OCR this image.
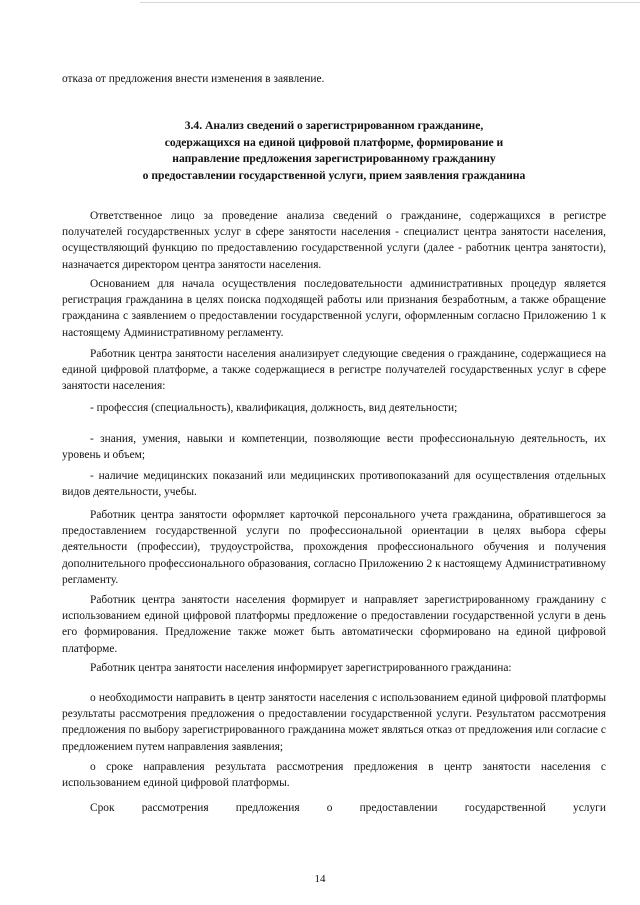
отказа от предложения внести изменения в заявление.
3.4. Анализ сведений о зарегистрированном гражданине,
содержащихся на единой цифровой платформе, формирование и
направление предложения зарегистрированному гражданину
о предоставлении государственной услуги, прием заявления гражданина
Ответственное лицо за проведение анализа сведений о гражданине, содержащихся в регистре получателей государственных услуг в сфере занятости населения - специалист центра занятости населения, осуществляющий функцию по предоставлению государственной услуги (далее - работник центра занятости), назначается директором центра занятости населения.
Основанием для начала осуществления последовательности административных процедур является регистрация гражданина в целях поиска подходящей работы или признания безработным, а также обращение гражданина с заявлением о предоставлении государственной услуги, оформленным согласно Приложению 1 к настоящему Административному регламенту.
Работник центра занятости населения анализирует следующие сведения о гражданине, содержащиеся на единой цифровой платформе, а также содержащиеся в регистре получателей государственных услуг в сфере занятости населения:
- профессия (специальность), квалификация, должность, вид деятельности;
- знания, умения, навыки и компетенции, позволяющие вести профессиональную деятельность, их уровень и объем;
- наличие медицинских показаний или медицинских противопоказаний для осуществления отдельных видов деятельности, учебы.
Работник центра занятости оформляет карточкой персонального учета гражданина, обратившегося за предоставлением государственной услуги по профессиональной ориентации в целях выбора сферы деятельности (профессии), трудоустройства, прохождения профессионального обучения и получения дополнительного профессионального образования, согласно Приложению 2 к настоящему Административному регламенту.
Работник центра занятости населения формирует и направляет зарегистрированному гражданину с использованием единой цифровой платформы предложение о предоставлении государственной услуги в день его формирования. Предложение также может быть автоматически сформировано на единой цифровой платформе.
Работник центра занятости населения информирует зарегистрированного гражданина:
о необходимости направить в центр занятости населения с использованием единой цифровой платформы результаты рассмотрения предложения о предоставлении государственной услуги. Результатом рассмотрения предложения по выбору зарегистрированного гражданина может являться отказ от предложения или согласие с предложением путем направления заявления;
о сроке направления результата рассмотрения предложения в центр занятости населения с использованием единой цифровой платформы.
Срок рассмотрения предложения о предоставлении государственной услуги
14
